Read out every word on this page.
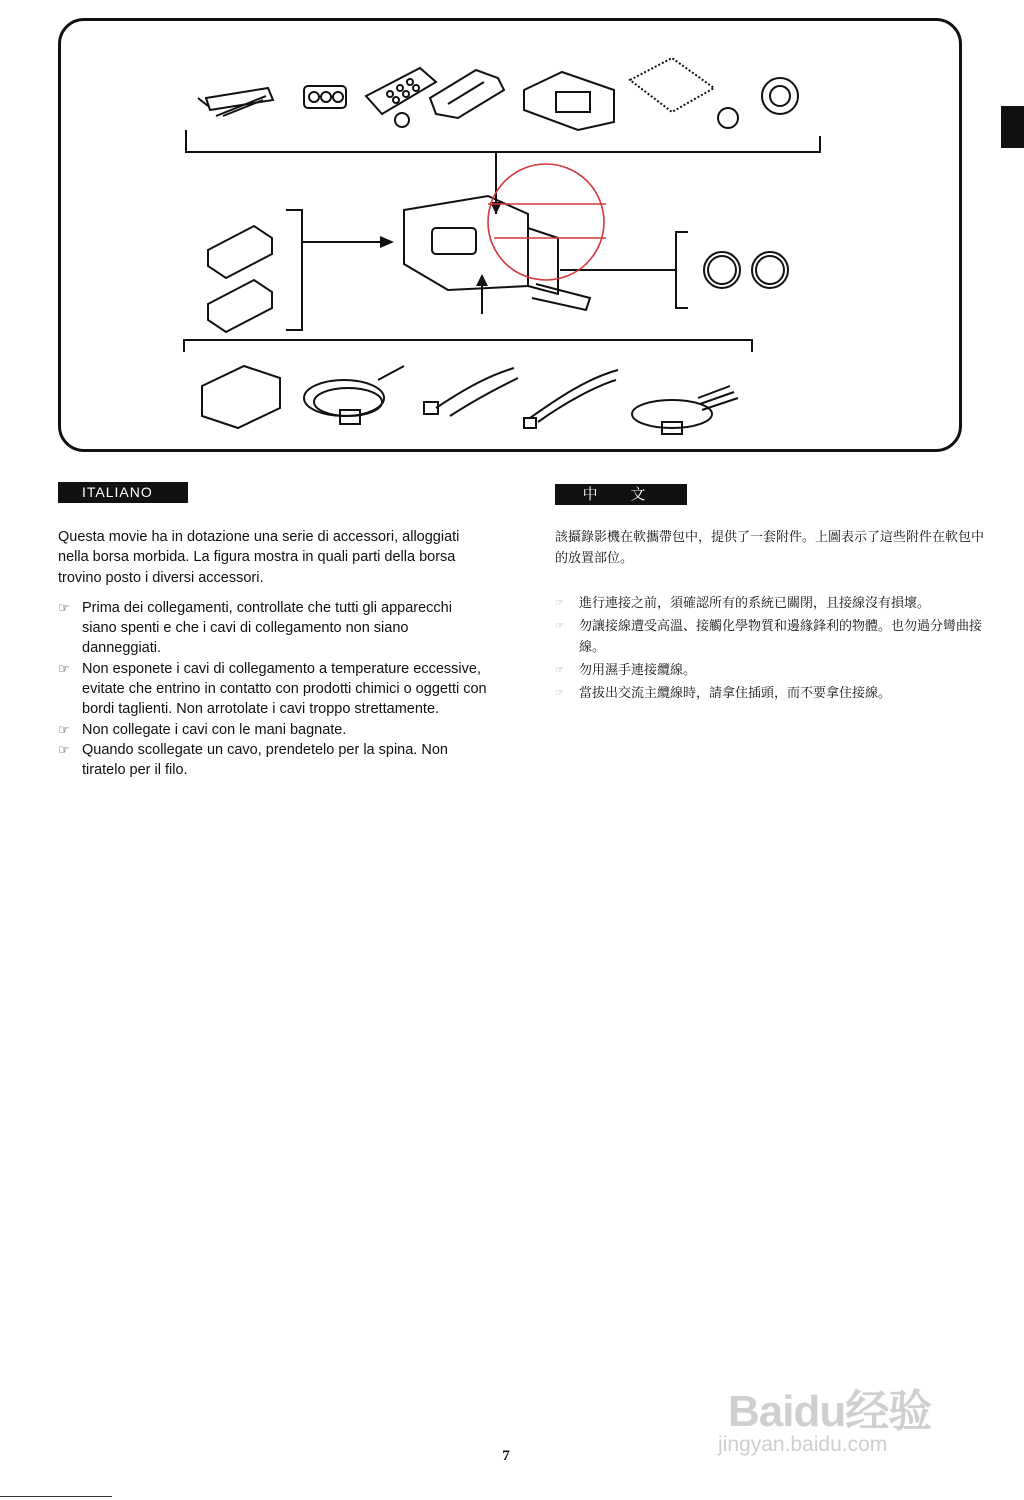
ITALIANO	中 文

Questa movie ha in dotazione una serie di accessori, alloggiati nella borsa morbida. La figura mostra in quali parti della borsa trovino posto i diversi accessori.

☞ Prima dei collegamenti, controllate che tutti gli apparecchi siano spenti e che i cavi di collegamento non siano danneggiati.
☞ Non esponete i cavi di collegamento a temperature eccessive, evitate che entrino in contatto con prodotti chimici o oggetti con bordi taglienti. Non arrotolate i cavi troppo strettamente.
☞ Non collegate i cavi con le mani bagnate.
☞ Quando scollegate un cavo, prendetelo per la spina. Non tiratelo per il filo.

該攝錄影機在軟攜帶包中，提供了一套附件。上圖表示了這些附件在軟包中的放置部位。

☞ 進行連接之前，須確認所有的系統已關閉，且接線沒有損壞。
☞ 勿讓接線遭受高溫、接觸化學物質和邊緣鋒利的物體。也勿過分彎曲接線。
☞ 勿用濕手連接纜線。
☞ 當拔出交流主纜線時，請拿住插頭，而不要拿住接線。
Baidu经验
jingyan.baidu.com
7
